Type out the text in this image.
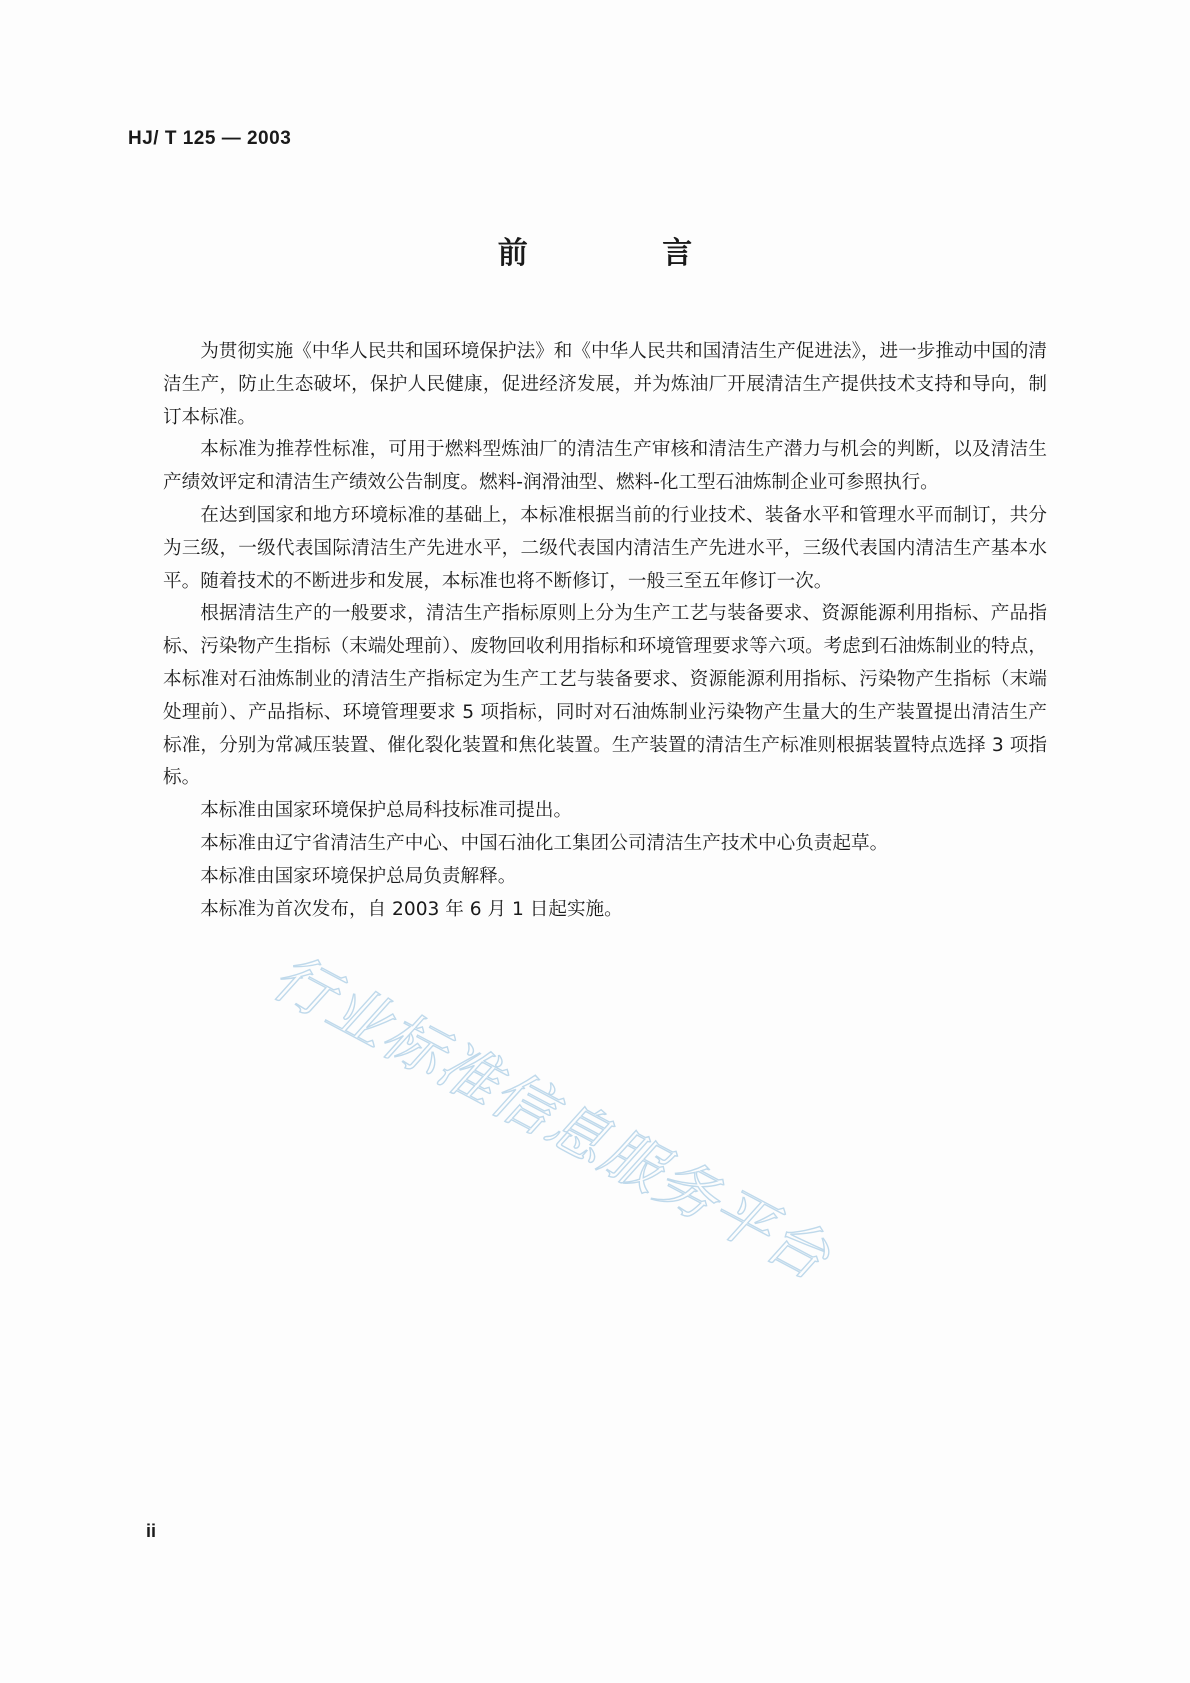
HJ/ T 125 — 2003
前 言

为贯彻实施《中华人民共和国环境保护法》和《中华人民共和国清洁生产促进法》，进一步推动中国的清洁生产，防止生态破坏，保护人民健康，促进经济发展，并为炼油厂开展清洁生产提供技术支持和导向，制订本标准。

本标准为推荐性标准，可用于燃料型炼油厂的清洁生产审核和清洁生产潜力与机会的判断，以及清洁生产绩效评定和清洁生产绩效公告制度。燃料-润滑油型、燃料-化工型石油炼制企业可参照执行。

在达到国家和地方环境标准的基础上，本标准根据当前的行业技术、装备水平和管理水平而制订，共分为三级，一级代表国际清洁生产先进水平，二级代表国内清洁生产先进水平，三级代表国内清洁生产基本水平。随着技术的不断进步和发展，本标准也将不断修订，一般三至五年修订一次。

根据清洁生产的一般要求，清洁生产指标原则上分为生产工艺与装备要求、资源能源利用指标、产品指标、污染物产生指标（末端处理前）、废物回收利用指标和环境管理要求等六项。考虑到石油炼制业的特点，本标准对石油炼制业的清洁生产指标定为生产工艺与装备要求、资源能源利用指标、污染物产生指标（末端处理前）、产品指标、环境管理要求 5 项指标，同时对石油炼制业污染物产生量大的生产装置提出清洁生产标准，分别为常减压装置、催化裂化装置和焦化装置。生产装置的清洁生产标准则根据装置特点选择 3 项指标。

本标准由国家环境保护总局科技标准司提出。

本标准由辽宁省清洁生产中心、中国石油化工集团公司清洁生产技术中心负责起草。

本标准由国家环境保护总局负责解释。

本标准为首次发布，自 2003 年 6 月 1 日起实施。

行业标准信息服务平台
ii
